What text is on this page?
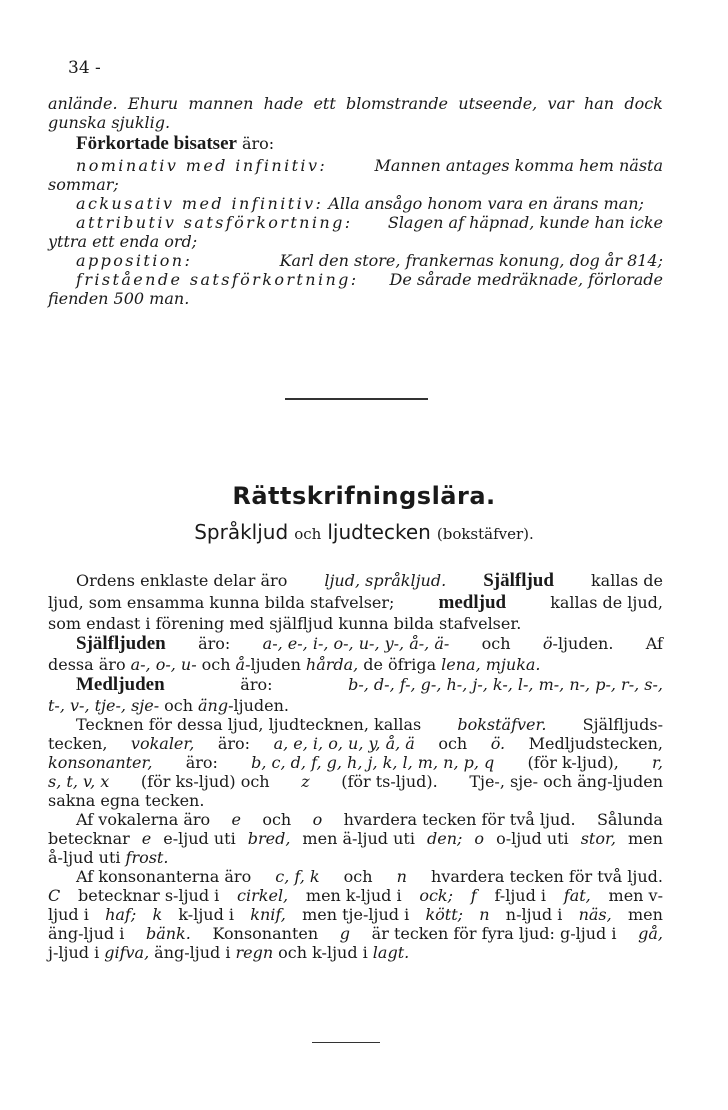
34 -
anlände. Ehuru mannen hade ett blomstrande utseende, var han dock
gunska sjuklig.
Förkortade bisatser äro:
nominativ med infinitiv:	Mannen antages komma hem nästa
sommar;
ackusativ med infinitiv: Alla ansågo honom vara en ärans man;
attributiv satsförkortning: Slagen af häpnad, kunde han icke
yttra ett enda ord;
apposition:	Karl den store, frankernas konung, dog år 814;
fristående satsförkortning: De sårade medräknade, förlorade
fienden 500 man.
Rättskrifningslära.
Språkljud och ljudtecken (bokstäfver).
Ordens enklaste delar äro ljud, språkljud. Själfljud kallas de
ljud, som ensamma kunna bilda stafvelser; medljud	kallas de ljud,
som endast i förening med själfljud kunna bilda stafvelser.
Själfljuden äro: a-, e-, i-, o-, u-, y-, å-, ä- och ö-ljuden. Af
dessa äro a-, o-, u- och å-ljuden hårda, de öfriga lena, mjuka.
Medljuden	äro:	b-, d-, f-, g-, h-, j-, k-, l-, m-, n-, p-, r-, s-,
t-, v-, tje-, sje- och äng-ljuden.
Tecknen för dessa ljud, ljudtecknen, kallas bokstäfver. Själfljuds-
tecken, vokaler, äro: a, e, i, o, u, y, å, ä och ö. Medljudstecken,
konsonanter, äro: b, c, d, f, g, h, j, k, l, m, n, p, q (för k-ljud), r,
s, t, v, x (för ks-ljud) och z (för ts-ljud). Tje-, sje- och äng-ljuden
sakna egna tecken.
Af vokalerna äro e och o hvardera tecken för två ljud. Sålunda
betecknar e e-ljud uti bred, men ä-ljud uti den; o o-ljud uti stor, men
å-ljud uti frost.
Af konsonanterna äro c, f, k och n hvardera tecken för två ljud.
C betecknar s-ljud i cirkel, men k-ljud i ock; f f-ljud i fat, men v-
ljud i haf; k k-ljud i knif, men tje-ljud i kött; n n-ljud i näs, men
äng-ljud i bänk. Konsonanten g är tecken för fyra ljud: g-ljud i gå,
j-ljud i gifva, äng-ljud i regn och k-ljud i lagt.
